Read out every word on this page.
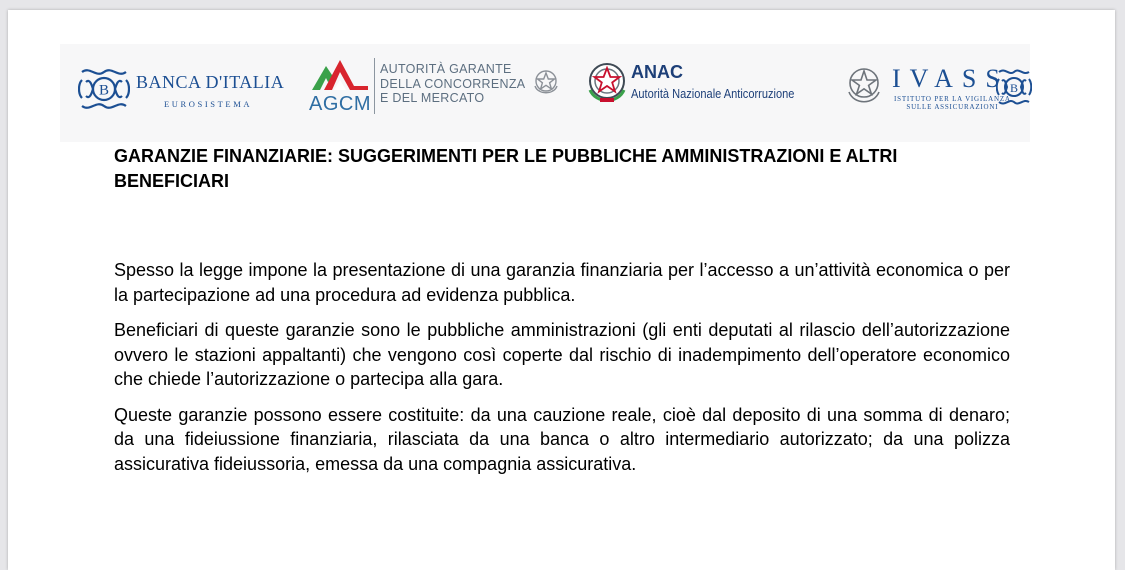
B BANCA D'ITALIA
EUROSISTEMA	AGCM
AUTORITÀ GARANTE
DELLA CONCORRENZA
E DEL MERCATO
ANAC
Autorità Nazionale Anticorruzione
IVASS
ISTITUTO PER LA VIGILANZA
SULLE ASSICURAZIONI
B
GARANZIE FINANZIARIE: SUGGERIMENTI PER LE PUBBLICHE AMMINISTRAZIONI E ALTRI BENEFICIARI

Spesso la legge impone la presentazione di una garanzia finanziaria per l’accesso a un’attività economica o per la partecipazione ad una procedura ad evidenza pubblica.

Beneficiari di queste garanzie sono le pubbliche amministrazioni (gli enti deputati al rilascio dell’autorizzazione ovvero le stazioni appaltanti) che vengono così coperte dal rischio di inadempimento dell’operatore economico che chiede l’autorizzazione o partecipa alla gara.

Queste garanzie possono essere costituite: da una cauzione reale, cioè dal deposito di una somma di denaro; da una fideiussione finanziaria, rilasciata da una banca o altro intermediario autorizzato; da una polizza assicurativa fideiussoria, emessa da una compagnia assicurativa.
